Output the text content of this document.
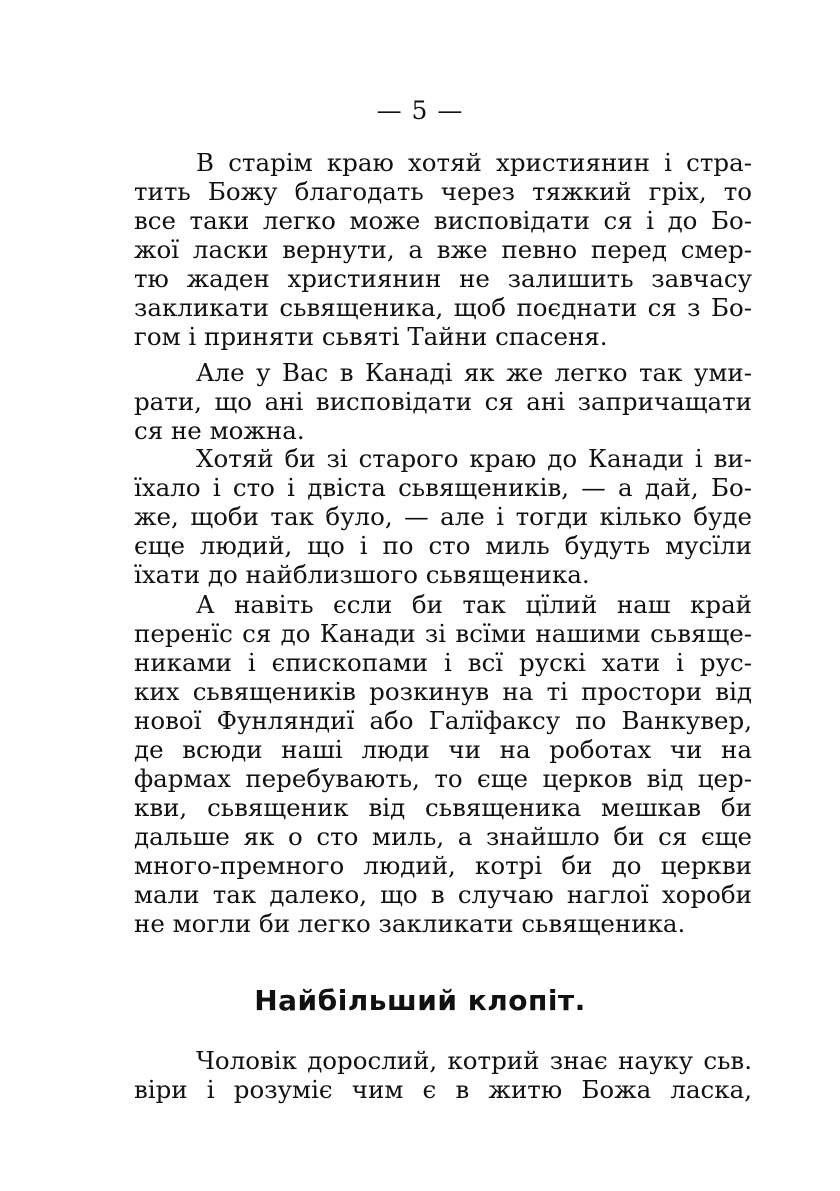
— 5 —
В старім краю хотяй християнин і стра-
тить Божу благодать через тяжкий гріх, то
все таки легко може висповідати ся і до Бо-
жої ласки вернути, а вже певно перед смер-
тю жаден християнин не залишить завчасу
закликати сьвященика, щоб поєднати ся з Бо-
гом і приняти сьвяті Тайни спасеня.
Але у Вас в Канаді як же легко так уми-
рати, що ані висповідати ся ані запричащати
ся не можна.
Хотяй би зі старого краю до Канади і ви-
їхало і сто і двіста сьвящеників, — а дай, Бо-
же, щоби так було, — але і тогди кількo буде
єще людий, що і по сто миль будуть мусїли
їхати до найблизшого сьвященика.
А навіть єсли би так цїлий наш край
перенїс ся до Канади зі всїми нашими сьвяще-
никами і єпископами і всї рускі хати і рус-
ких сьвящеників розкинув на ті простори від
нової Фунляндиї або Галїфаксу по Ванкувер,
де всюди наші люди чи на роботах чи на
фармах перебувають, то єще церков від цер-
кви, сьвященик від сьвященика мешкав би
дальше як о сто миль, а знайшло би ся єще
много-премного людий, котрі би до церкви
мали так далеко, що в случаю наглої хороби
не могли би легко закликати сьвященика.
Найбільший клопіт.
Чоловік дорослий, котрий знає науку сьв.
віри і розуміє чим є в житю Божа ласка,
